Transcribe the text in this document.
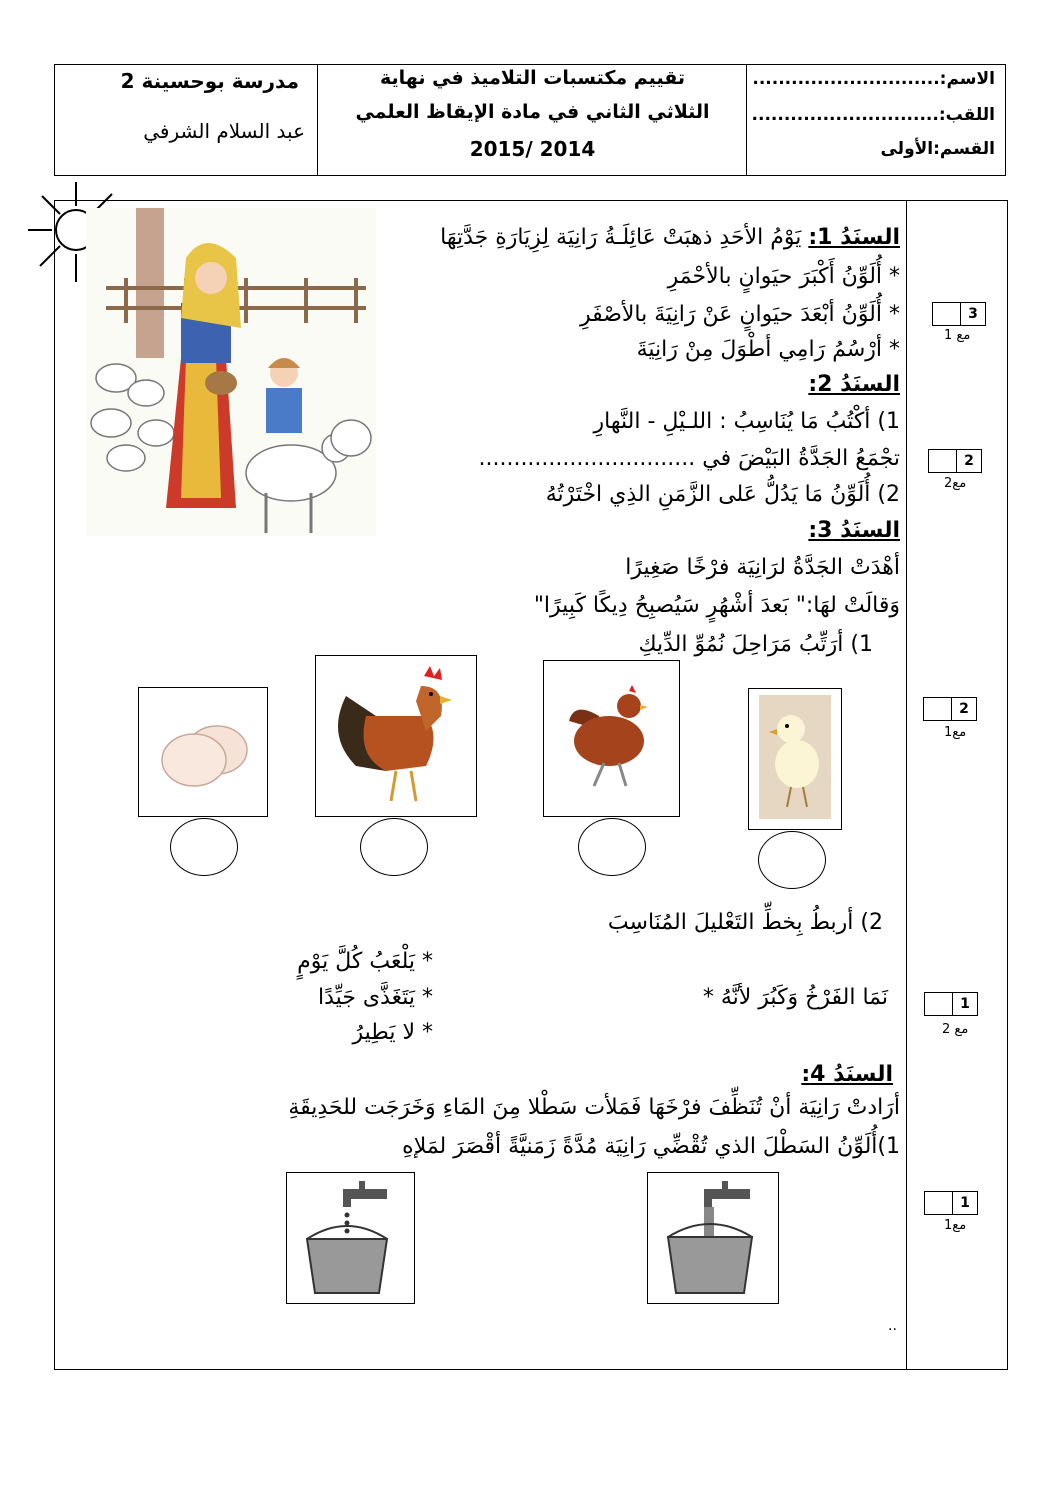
مدرسة بوحسينة 2
عبد السلام الشرفي
تقييم مكتسبات التلاميذ في نهاية
الثلاثي الثاني في مادة الإيقاظ العلمي
2015/ 2014
الاسم:.............................
اللقب:.............................
القسم:الأولى
السنَدُ 1: يَوْمُ الأحَدِ ذهبَتْ عَائِلَـةُ رَانِيَة لِزِيَارَةِ جَدَّتِهَا
* أُلَوِّنُ أَكْبَرَ حيَوانٍ بالأحْمَرِ
* أُلَوِّنُ أبْعَدَ حيَوانٍ عَنْ رَانِيَةَ بالأصْفَرِ
* أرْسُمُ رَامِي أطْوَلَ مِنْ رَانِيَةَ
السنَدُ 2:
1) أكْتُبُ مَا يُنَاسِبُ : اللـيْلِ - النَّهارِ
تجْمَعُ الجَدَّةُ البَيْضَ في ...............................
2) أُلَوِّنُ مَا يَدُلُّ عَلى الزَّمَنِ الذِي اخْتَرْتُهُ
السنَدُ 3:
أهْدَتْ الجَدَّةُ لرَانِيَة فرْخًا صَغِيرًا
وَقالَتْ لهَا:" بَعدَ أشْهُرٍ سَيُصبِحُ دِيكًا كَبِيرًا"
1) أرَتِّبُ مَرَاحِلَ نُمُوِّ الدِّيكِ
2) أربطُ بِخطِّ التَعْليلَ المُنَاسِبَ
* يَلْعَبُ كُلَّ يَوْمٍ
* يَتَغَذَّى جَيِّدًا
* لا يَطِيرُ
نَمَا الفَرْخُ وَكَبُرَ لأنَّهُ *
السنَدُ 4:
أرَادتْ رَانِيَة أنْ تُنَظِّفَ فرْخَهَا فَمَلأت سَطْلا مِنَ المَاءِ وَخَرَجَت للحَدِيقَةِ
1)أُلَوِّنُ السَطْلَ الذي تُقْضِّي رَانِيَة مُدَّةً زَمَنيَّةً أقْصَرَ لمَلإهِ
..
3
مع 1
2
مع2
2
مع1
1
مع 2
1
مع1
